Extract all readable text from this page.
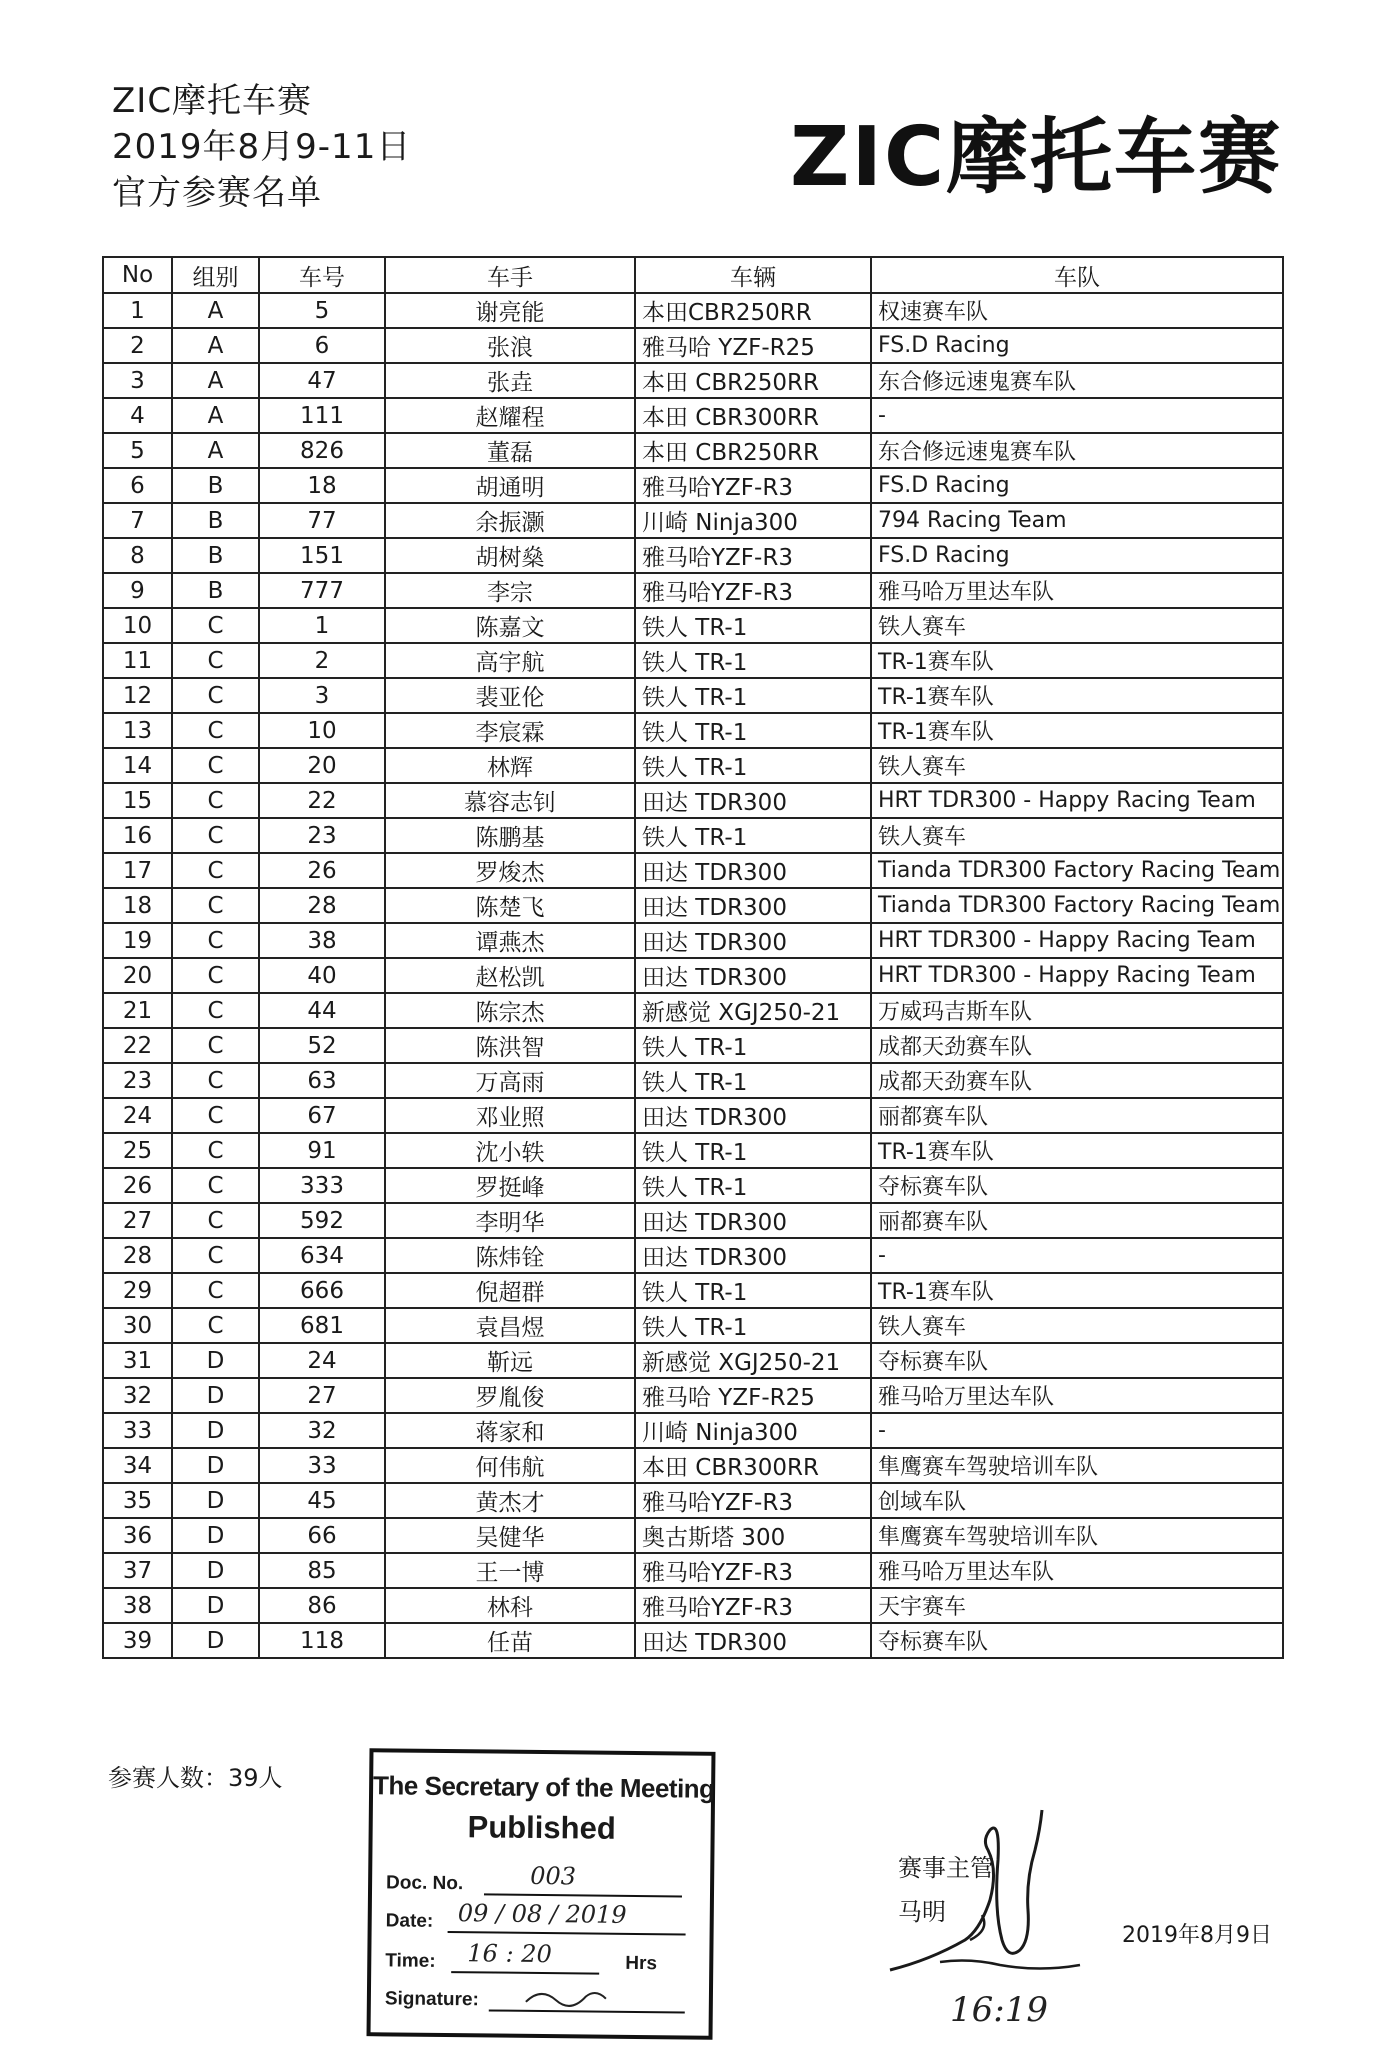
ZIC摩托车赛
2019年8月9-11日
官方参赛名单	ZIC摩托车赛
No	组别	车号	车手	车辆	车队
1	A	5	谢亮能	本田CBR250RR	权速赛车队
2	A	6	张浪	雅马哈 YZF-R25	FS.D Racing
3	A	47	张垚	本田 CBR250RR	东合修远速鬼赛车队
4	A	111	赵耀程	本田 CBR300RR	-
5	A	826	董磊	本田 CBR250RR	东合修远速鬼赛车队
6	B	18	胡通明	雅马哈YZF-R3	FS.D Racing
7	B	77	余振灏	川崎 Ninja300	794 Racing Team
8	B	151	胡树燊	雅马哈YZF-R3	FS.D Racing
9	B	777	李宗	雅马哈YZF-R3	雅马哈万里达车队
10	C	1	陈嘉文	铁人 TR-1	铁人赛车
11	C	2	高宇航	铁人 TR-1	TR-1赛车队
12	C	3	裴亚伦	铁人 TR-1	TR-1赛车队
13	C	10	李宸霖	铁人 TR-1	TR-1赛车队
14	C	20	林辉	铁人 TR-1	铁人赛车
15	C	22	慕容志钊	田达 TDR300	HRT TDR300 - Happy Racing Team
16	C	23	陈鹏基	铁人 TR-1	铁人赛车
17	C	26	罗焌杰	田达 TDR300	Tianda TDR300 Factory Racing Team
18	C	28	陈楚飞	田达 TDR300	Tianda TDR300 Factory Racing Team
19	C	38	谭燕杰	田达 TDR300	HRT TDR300 - Happy Racing Team
20	C	40	赵松凯	田达 TDR300	HRT TDR300 - Happy Racing Team
21	C	44	陈宗杰	新感觉 XGJ250-21	万威玛吉斯车队
22	C	52	陈洪智	铁人 TR-1	成都天劲赛车队
23	C	63	万高雨	铁人 TR-1	成都天劲赛车队
24	C	67	邓业照	田达 TDR300	丽都赛车队
25	C	91	沈小轶	铁人 TR-1	TR-1赛车队
26	C	333	罗挺峰	铁人 TR-1	夺标赛车队
27	C	592	李明华	田达 TDR300	丽都赛车队
28	C	634	陈炜铨	田达 TDR300	-
29	C	666	倪超群	铁人 TR-1	TR-1赛车队
30	C	681	袁昌煜	铁人 TR-1	铁人赛车
31	D	24	靳远	新感觉 XGJ250-21	夺标赛车队
32	D	27	罗胤俊	雅马哈 YZF-R25	雅马哈万里达车队
33	D	32	蒋家和	川崎 Ninja300	-
34	D	33	何伟航	本田 CBR300RR	隼鹰赛车驾驶培训车队
35	D	45	黄杰才	雅马哈YZF-R3	创域车队
36	D	66	吴健华	奥古斯塔 300	隼鹰赛车驾驶培训车队
37	D	85	王一博	雅马哈YZF-R3	雅马哈万里达车队
38	D	86	林科	雅马哈YZF-R3	天宇赛车
39	D	118	任苗	田达 TDR300	夺标赛车队
参赛人数：39人	The Secretary of the Meeting
Published
Doc. No.	003
Date: 09 / 08 / 2019
Time: 16 : 20	Hrs
Signature:
赛事主管
马明
16:19
2019年8月9日
